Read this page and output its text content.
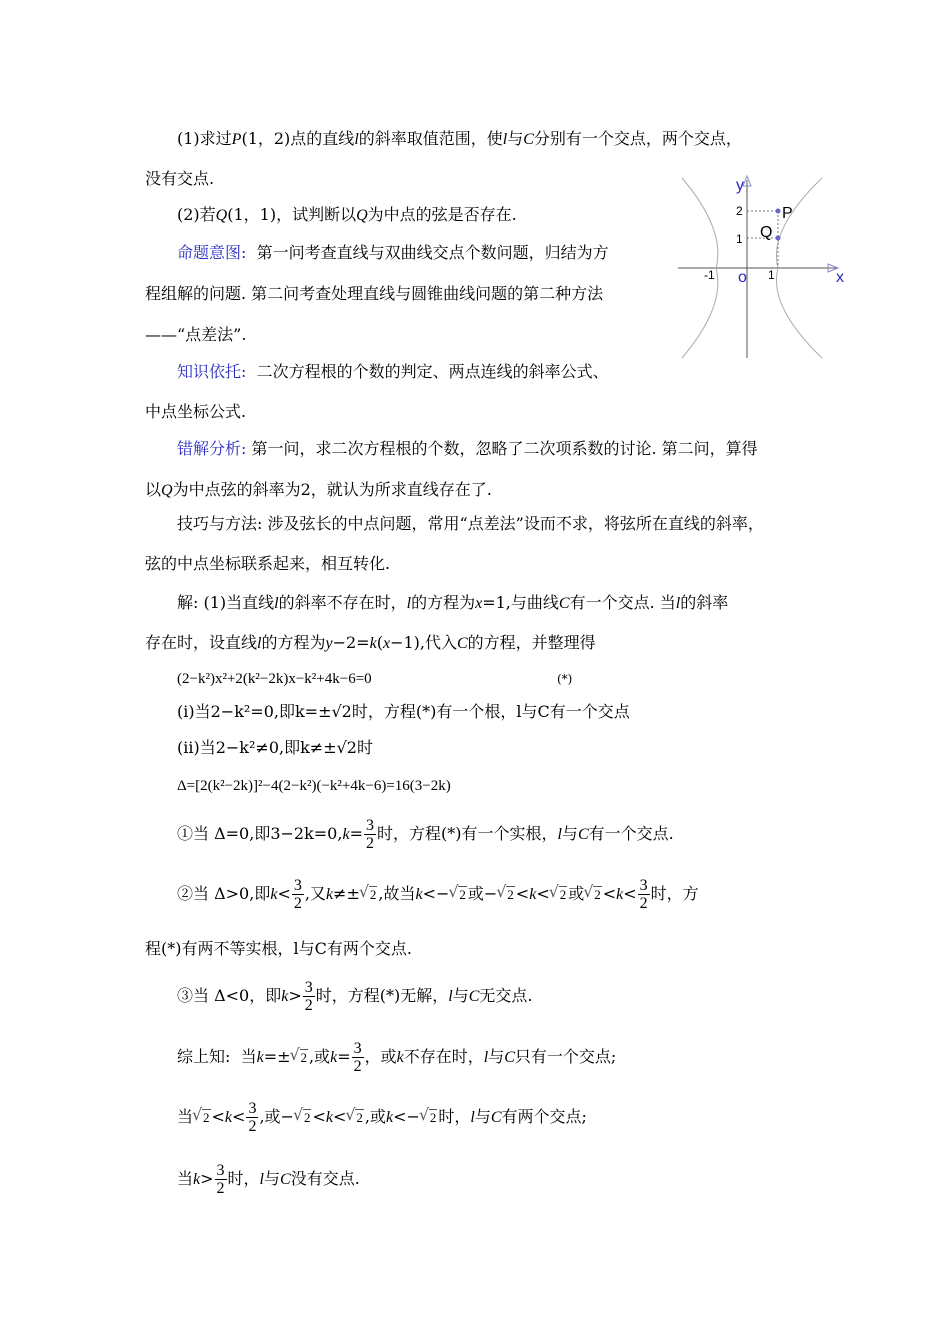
(1)求过P(1，2)点的直线l的斜率取值范围，使l与C分别有一个交点，两个交点，
没有交点.
(2)若Q(1，1)，试判断以Q为中点的弦是否存在.
y
x
o
2
1
-1	1
P
Q
命题意图: 第一问考查直线与双曲线交点个数问题，归结为方
程组解的问题. 第二问考查处理直线与圆锥曲线问题的第二种方法
——“点差法”.
知识依托: 二次方程根的个数的判定、两点连线的斜率公式、
中点坐标公式.
错解分析: 第一问，求二次方程根的个数，忽略了二次项系数的讨论. 第二问，算得
以Q为中点弦的斜率为2，就认为所求直线存在了.
技巧与方法: 涉及弦长的中点问题，常用“点差法”设而不求，将弦所在直线的斜率，
弦的中点坐标联系起来，相互转化.
解: (1)当直线l的斜率不存在时，l的方程为x=1,与曲线C有一个交点. 当l的斜率
存在时，设直线l的方程为y−2=k(x−1),代入C的方程，并整理得
(2−k²)x²+2(k²−2k)x−k²+4k−6=0	(*)
(ⅰ)当2−k²=0,即k=±√2时，方程(*)有一个根，l与C有一个交点
(ⅱ)当2−k²≠0,即k≠±√2时
Δ=[2(k²−2k)]²−4(2−k²)(−k²+4k−6)=16(3−2k)
①当 Δ=0,即$3-2k=0,k= \frac{3}{2}$ 时，方程(*)有一个实根，l与C有一个交点.
②当 Δ>0,即$k< \frac{3}{2}$ ,又k≠± √ 2 ,故当k<− √ 2 或− √ 2 <k< √ 2 或 √ $2 <k< \frac{3}{2}$ 时，方
程(*)有两不等实根，l与C有两个交点.
③当 Δ<0，即$k> \frac{3}{2}$ 时，方程(*)无解，l与C无交点.
综上知: 当k=± √ 2 ,或$k= \frac{3}{2}$ ，或k不存在时，l与C只有一个交点;
当 √ $2 <k< \frac{3}{2}$ ,或− √ 2 <k< √ 2 ,或k<− √ 2 时，l与C有两个交点;
当$k> \frac{3}{2}$ 时，l与C没有交点.
